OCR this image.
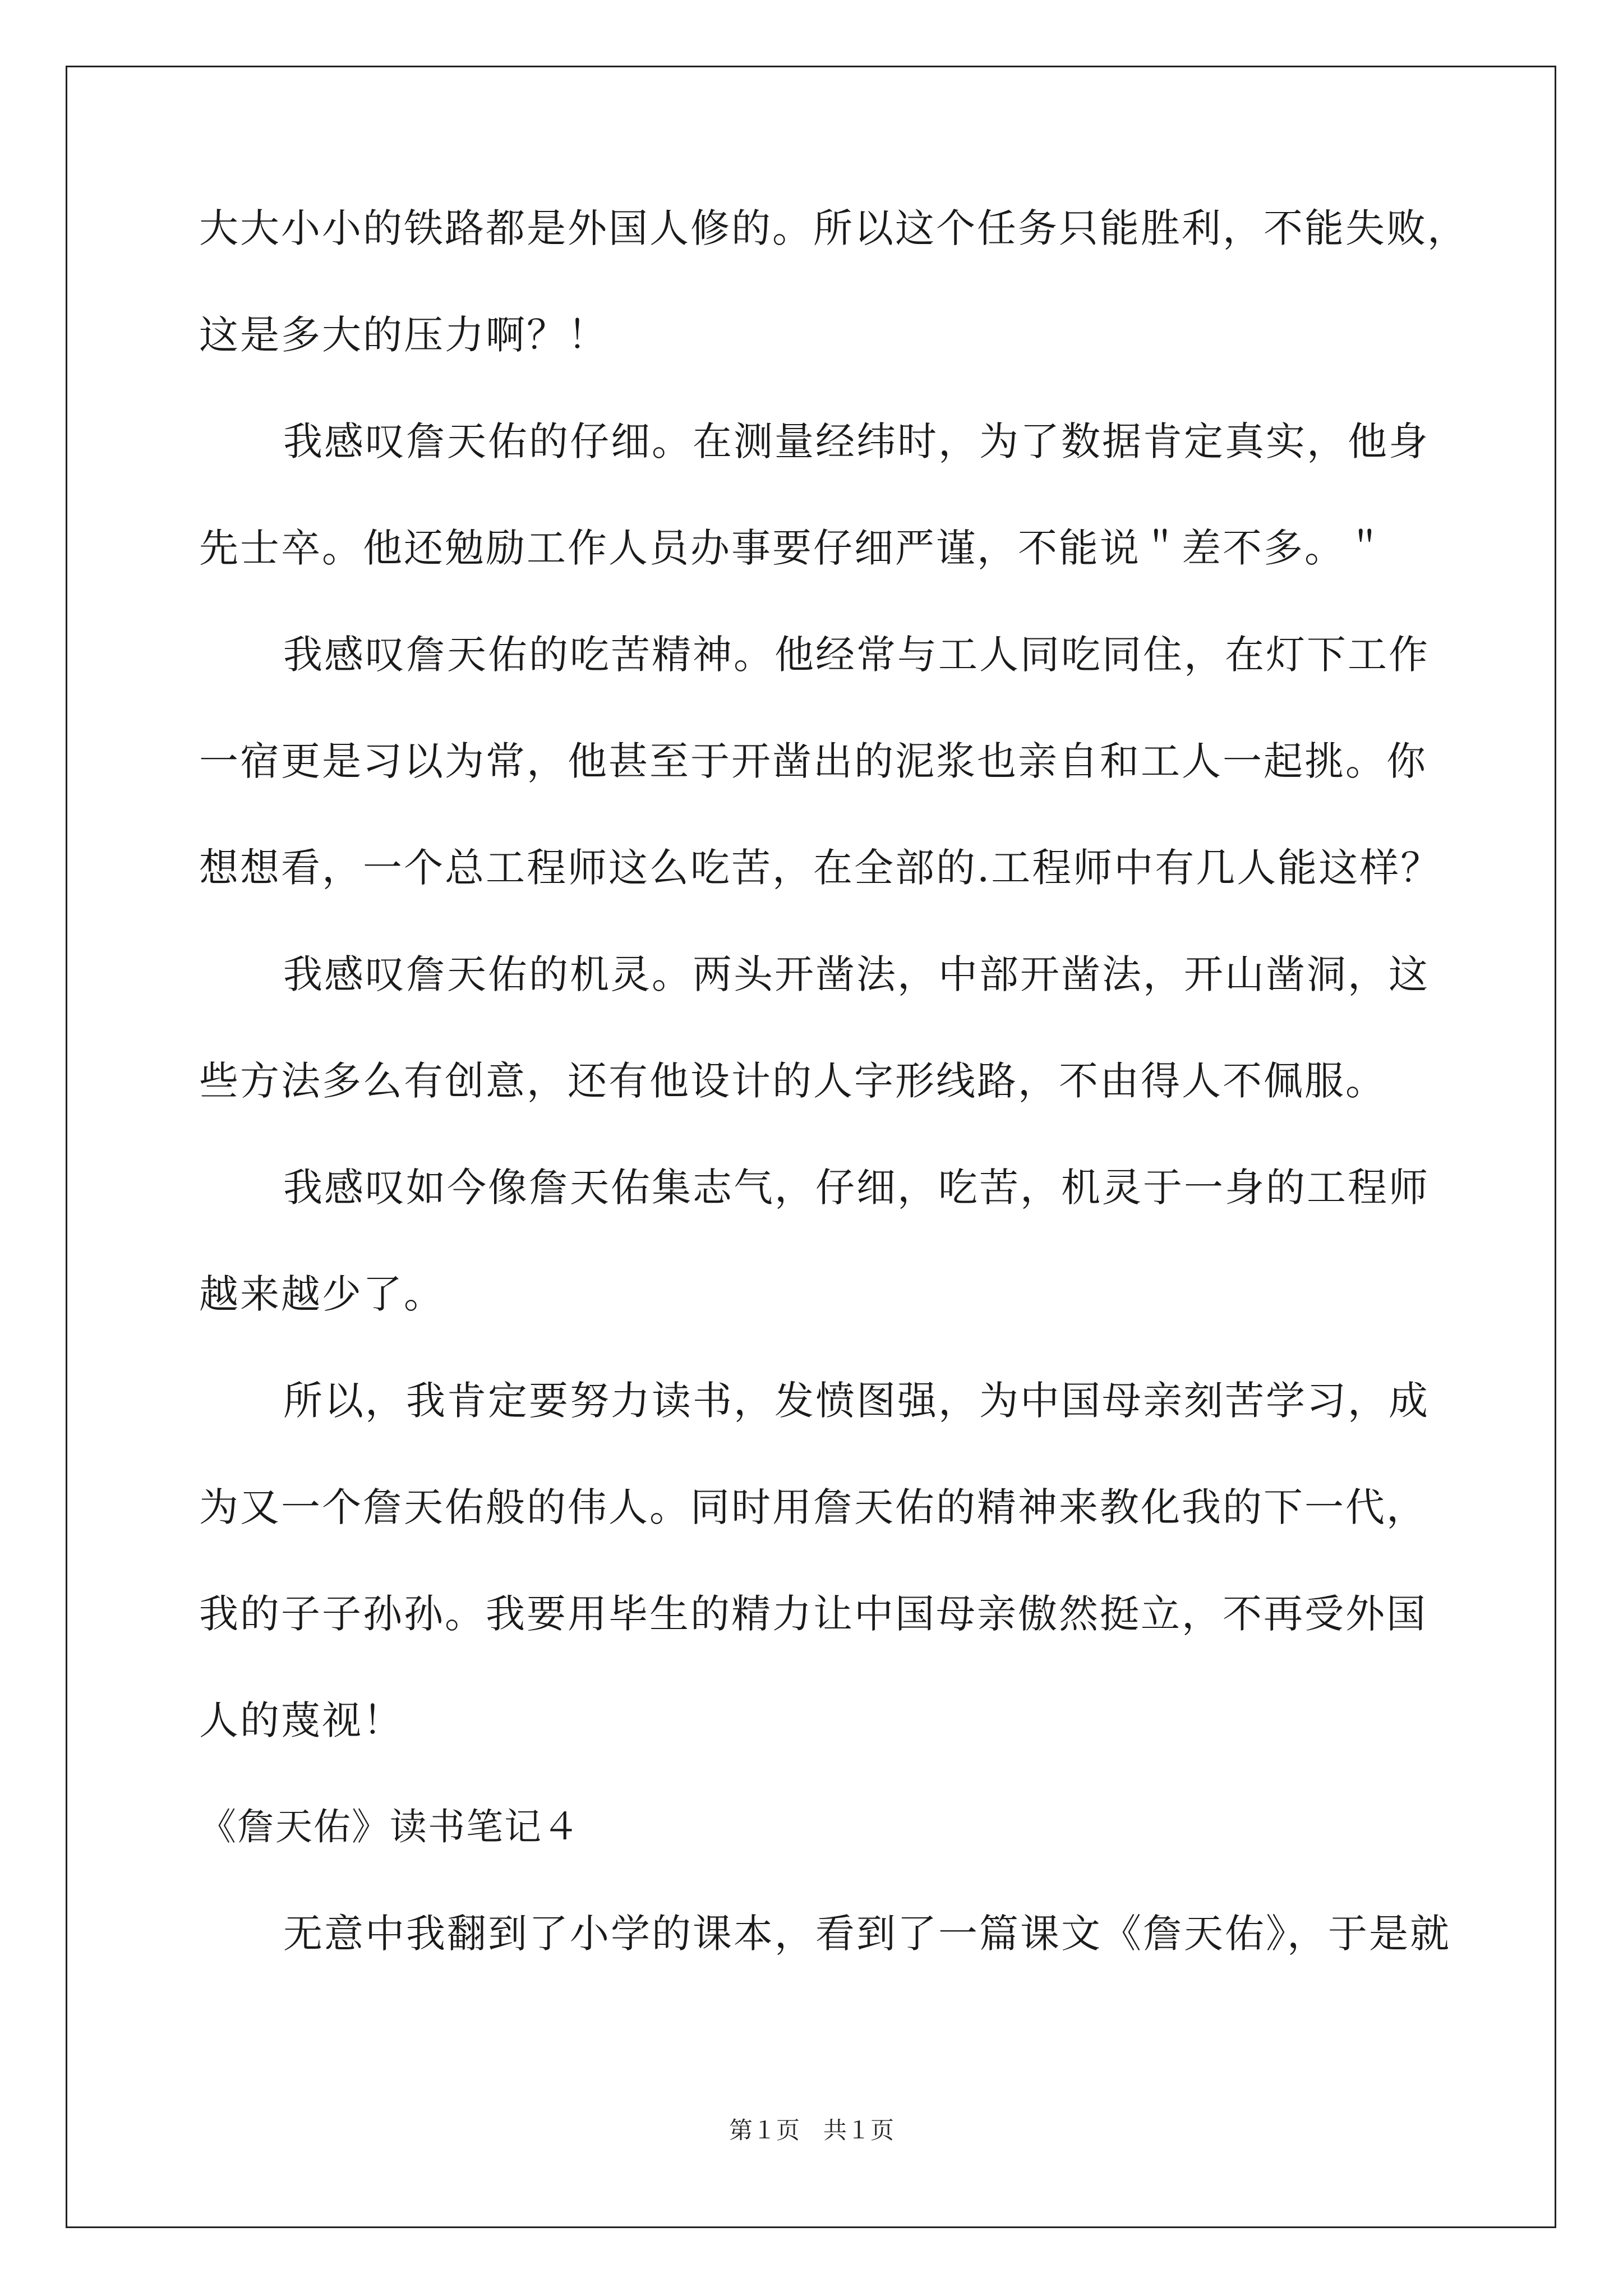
大大小小的铁路都是外国人修的。所以这个任务只能胜利，不能失败，
这是多大的压力啊？！
我感叹詹天佑的仔细。在测量经纬时，为了数据肯定真实，他身
先士卒。他还勉励工作人员办事要仔细严谨，不能说＂差不多。＂
我感叹詹天佑的吃苦精神。他经常与工人同吃同住，在灯下工作
一宿更是习以为常，他甚至于开凿出的泥浆也亲自和工人一起挑。你
想想看，一个总工程师这么吃苦，在全部的.工程师中有几人能这样？
我感叹詹天佑的机灵。两头开凿法，中部开凿法，开山凿洞，这
些方法多么有创意，还有他设计的人字形线路，不由得人不佩服。
我感叹如今像詹天佑集志气，仔细，吃苦，机灵于一身的工程师
越来越少了。
所以，我肯定要努力读书，发愤图强，为中国母亲刻苦学习，成
为又一个詹天佑般的伟人。同时用詹天佑的精神来教化我的下一代，
我的子子孙孙。我要用毕生的精力让中国母亲傲然挺立，不再受外国
人的蔑视！
《詹天佑》读书笔记４
无意中我翻到了小学的课本，看到了一篇课文《詹天佑》，于是就
第１页　共１页
